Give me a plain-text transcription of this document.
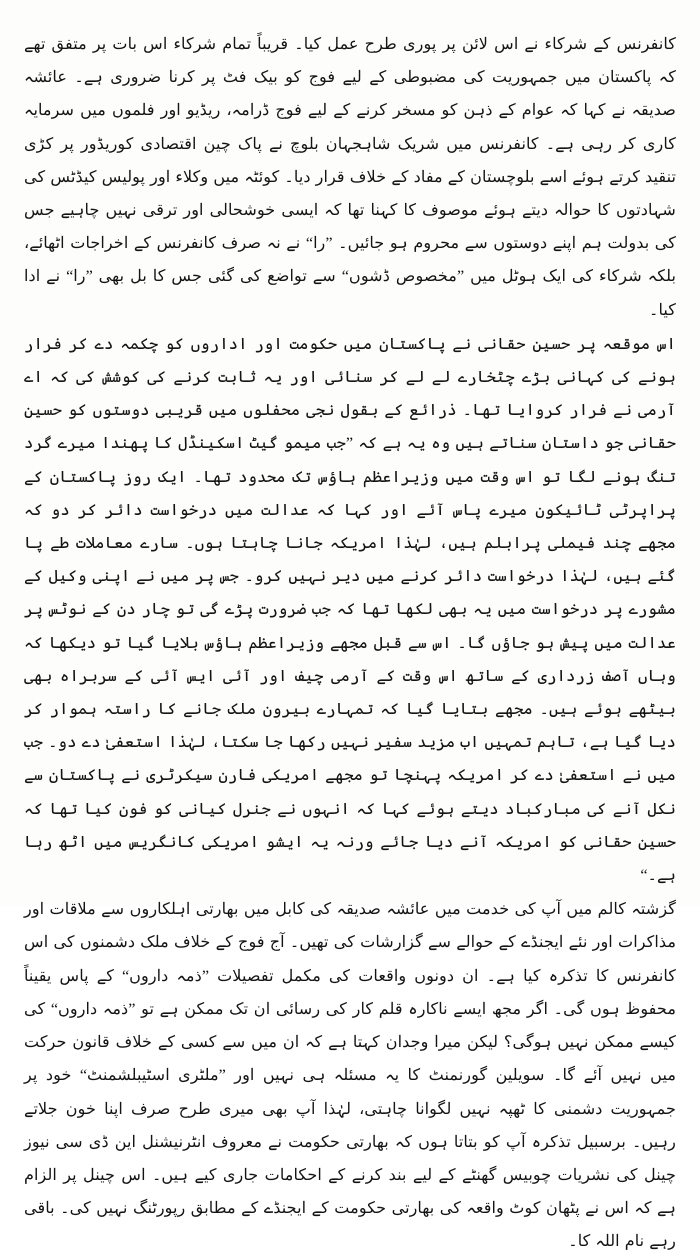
کانفرنس کے شرکاء نے اس لائن پر پوری طرح عمل کیا۔ قریباً تمام شرکاء اس بات پر متفق تھے کہ پاکستان میں جمہوریت کی مضبوطی کے لیے فوج کو بیک فٹ پر کرنا ضروری ہے۔ عائشہ صدیقہ نے کہا کہ عوام کے ذہن کو مسخر کرنے کے لیے فوج ڈرامہ، ریڈیو اور فلموں میں سرمایہ کاری کر رہی ہے۔ کانفرنس میں شریک شاہجہان بلوچ نے پاک چین اقتصادی کوریڈور پر کڑی تنقید کرتے ہوئے اسے بلوچستان کے مفاد کے خلاف قرار دیا۔ کوئٹہ میں وکلاء اور پولیس کیڈٹس کی شہادتوں کا حوالہ دیتے ہوئے موصوف کا کہنا تھا کہ ایسی خوشحالی اور ترقی نہیں چاہیے جس کی بدولت ہم اپنے دوستوں سے محروم ہو جائیں۔ ”را“ نے نہ صرف کانفرنس کے اخراجات اٹھائے، بلکہ شرکاء کی ایک ہوٹل میں ”مخصوص ڈشوں“ سے تواضع کی گئی جس کا بل بھی ”را“ نے ادا کیا۔

اس موقعہ پر حسین حقانی نے پاکستان میں حکومت اور اداروں کو چکمہ دے کر فرار ہونے کی کہانی بڑے چٹخارے لے لے کر سنائی اور یہ ثابت کرنے کی کوشش کی کہ اے آرمی نے فرار کروایا تھا۔ ذرائع کے بقول نجی محفلوں میں قریبی دوستوں کو حسین حقانی جو داستان سناتے ہیں وہ یہ ہے کہ ”جب میمو گیٹ اسکینڈل کا پھندا میرے گرد تنگ ہونے لگا تو اس وقت میں وزیراعظم ہاؤس تک محدود تھا۔ ایک روز پاکستان کے پراپرٹی ٹائیکون میرے پاس آئے اور کہا کہ عدالت میں درخواست دائر کر دو کہ مجھے چند فیملی پرابلم ہیں، لہٰذا امریکہ جانا چاہتا ہوں۔ سارے معاملات طے پا گئے ہیں، لہٰذا درخواست دائر کرنے میں دیر نہیں کرو۔ جس پر میں نے اپنی وکیل کے مشورے پر درخواست میں یہ بھی لکھا تھا کہ جب ضرورت پڑے گی تو چار دن کے نوٹس پر عدالت میں پیش ہو جاؤں گا۔ اس سے قبل مجھے وزیراعظم ہاؤس بلایا گیا تو دیکھا کہ وہاں آصف زرداری کے ساتھ اس وقت کے آرمی چیف اور آئی ایس آئی کے سربراہ بھی بیٹھے ہوئے ہیں۔ مجھے بتایا گیا کہ تمہارے بیرون ملک جانے کا راستہ ہموار کر دیا گیا ہے، تاہم تمہیں اب مزید سفیر نہیں رکھا جا سکتا، لہٰذا استعفیٰ دے دو۔ جب میں نے استعفیٰ دے کر امریکہ پہنچا تو مجھے امریکی فارن سیکرٹری نے پاکستان سے نکل آنے کی مبارکباد دیتے ہوئے کہا کہ انہوں نے جنرل کیانی کو فون کیا تھا کہ حسین حقانی کو امریکہ آنے دیا جائے ورنہ یہ ایشو امریکی کانگریس میں اٹھ رہا ہے۔“

گزشتہ کالم میں آپ کی خدمت میں عائشہ صدیقہ کی کابل میں بھارتی اہلکاروں سے ملاقات اور مذاکرات اور نئے ایجنڈے کے حوالے سے گزارشات کی تھیں۔ آج فوج کے خلاف ملک دشمنوں کی اس کانفرنس کا تذکرہ کیا ہے۔ ان دونوں واقعات کی مکمل تفصیلات ”ذمہ داروں“ کے پاس یقیناً محفوظ ہوں گی۔ اگر مجھ ایسے ناکارہ قلم کار کی رسائی ان تک ممکن ہے تو ”ذمہ داروں“ کی کیسے ممکن نہیں ہوگی؟ لیکن میرا وجدان کہتا ہے کہ ان میں سے کسی کے خلاف قانون حرکت میں نہیں آئے گا۔ سویلین گورنمنٹ کا یہ مسئلہ ہی نہیں اور ”ملٹری اسٹیبلشمنٹ“ خود پر جمہوریت دشمنی کا ٹھپہ نہیں لگوانا چاہتی، لہٰذا آپ بھی میری طرح صرف اپنا خون جلاتے رہیں۔ برسبیل تذکرہ آپ کو بتاتا ہوں کہ بھارتی حکومت نے معروف انٹرنیشنل این ڈی سی نیوز چینل کی نشریات چوبیس گھنٹے کے لیے بند کرنے کے احکامات جاری کیے ہیں۔ اس چینل پر الزام ہے کہ اس نے پٹھان کوٹ واقعہ کی بھارتی حکومت کے ایجنڈے کے مطابق رپورٹنگ نہیں کی۔ باقی رہے نام اللہ کا۔
